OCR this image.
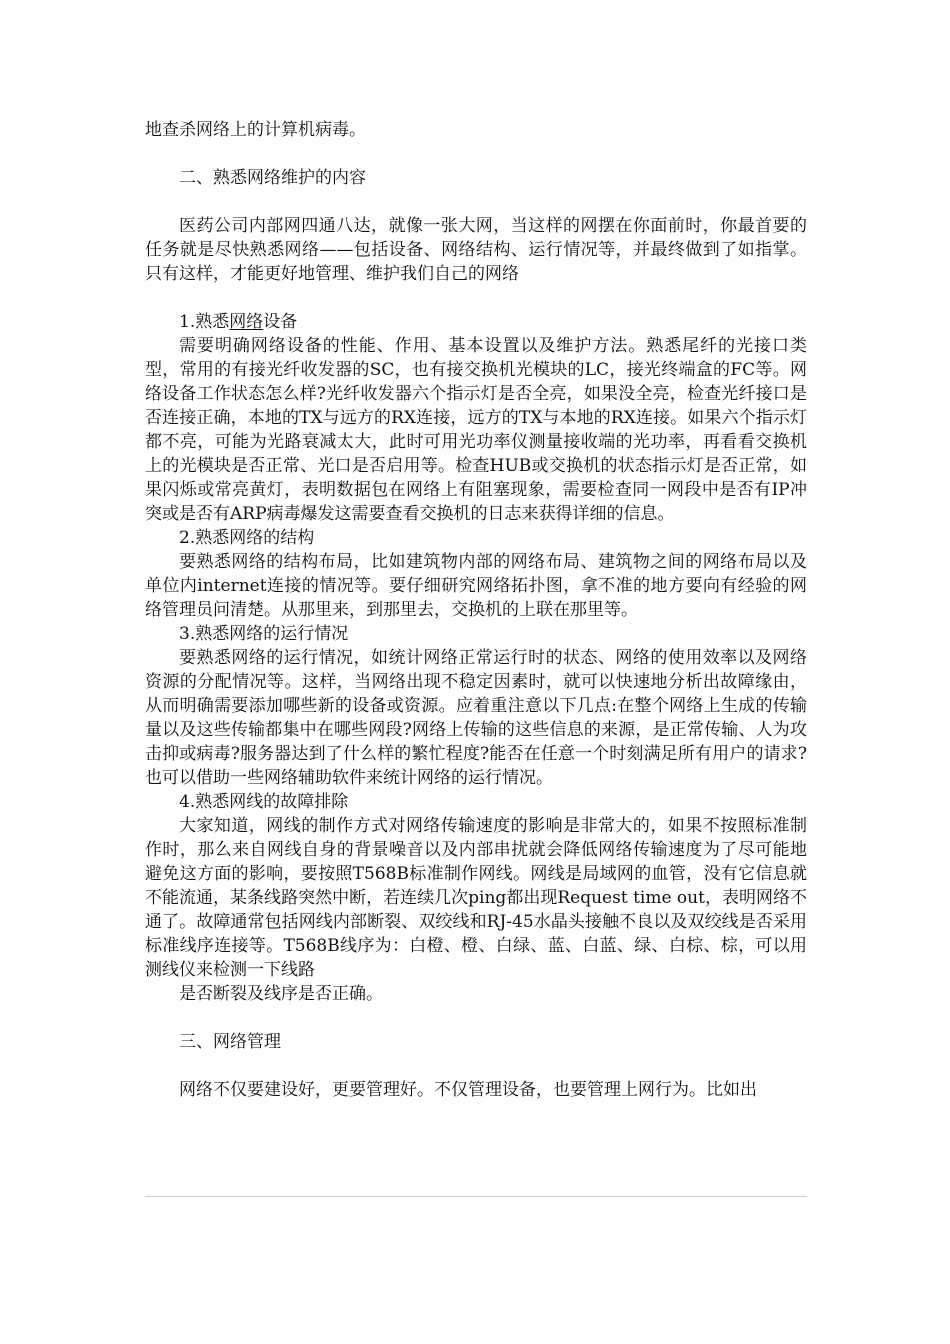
地查杀网络上的计算机病毒。

二、熟悉网络维护的内容

医药公司内部网四通八达，就像一张大网，当这样的网摆在你面前时，你最首要的任务就是尽快熟悉网络——包括设备、网络结构、运行情况等，并最终做到了如指掌。只有这样，才能更好地管理、维护我们自己的网络

1.熟悉网络设备

需要明确网络设备的性能、作用、基本设置以及维护方法。熟悉尾纤的光接口类型，常用的有接光纤收发器的SC，也有接交换机光模块的LC，接光终端盒的FC等。网络设备工作状态怎么样?光纤收发器六个指示灯是否全亮，如果没全亮，检查光纤接口是否连接正确，本地的TX与远方的RX连接，远方的TX与本地的RX连接。如果六个指示灯都不亮，可能为光路衰减太大，此时可用光功率仪测量接收端的光功率，再看看交换机上的光模块是否正常、光口是否启用等。检查HUB或交换机的状态指示灯是否正常，如果闪烁或常亮黄灯，表明数据包在网络上有阻塞现象，需要检查同一网段中是否有IP冲突或是否有ARP病毒爆发这需要查看交换机的日志来获得详细的信息。

2.熟悉网络的结构

要熟悉网络的结构布局，比如建筑物内部的网络布局、建筑物之间的网络布局以及单位内internet连接的情况等。要仔细研究网络拓扑图，拿不准的地方要向有经验的网络管理员问清楚。从那里来，到那里去，交换机的上联在那里等。

3.熟悉网络的运行情况

要熟悉网络的运行情况，如统计网络正常运行时的状态、网络的使用效率以及网络资源的分配情况等。这样，当网络出现不稳定因素时，就可以快速地分析出故障缘由，从而明确需要添加哪些新的设备或资源。应着重注意以下几点:在整个网络上生成的传输量以及这些传输都集中在哪些网段?网络上传输的这些信息的来源，是正常传输、人为攻击抑或病毒?服务器达到了什么样的繁忙程度?能否在任意一个时刻满足所有用户的请求?也可以借助一些网络辅助软件来统计网络的运行情况。

4.熟悉网线的故障排除

大家知道，网线的制作方式对网络传输速度的影响是非常大的，如果不按照标准制作时，那么来自网线自身的背景噪音以及内部串扰就会降低网络传输速度为了尽可能地避免这方面的影响，要按照T568B标准制作网线。网线是局域网的血管，没有它信息就不能流通，某条线路突然中断，若连续几次ping都出现Request time out，表明网络不通了。故障通常包括网线内部断裂、双绞线和RJ-45水晶头接触不良以及双绞线是否采用标准线序连接等。T568B线序为：白橙、橙、白绿、蓝、白蓝、绿、白棕、棕，可以用测线仪来检测一下线路

是否断裂及线序是否正确。

三、网络管理

网络不仅要建设好，更要管理好。不仅管理设备，也要管理上网行为。比如出
